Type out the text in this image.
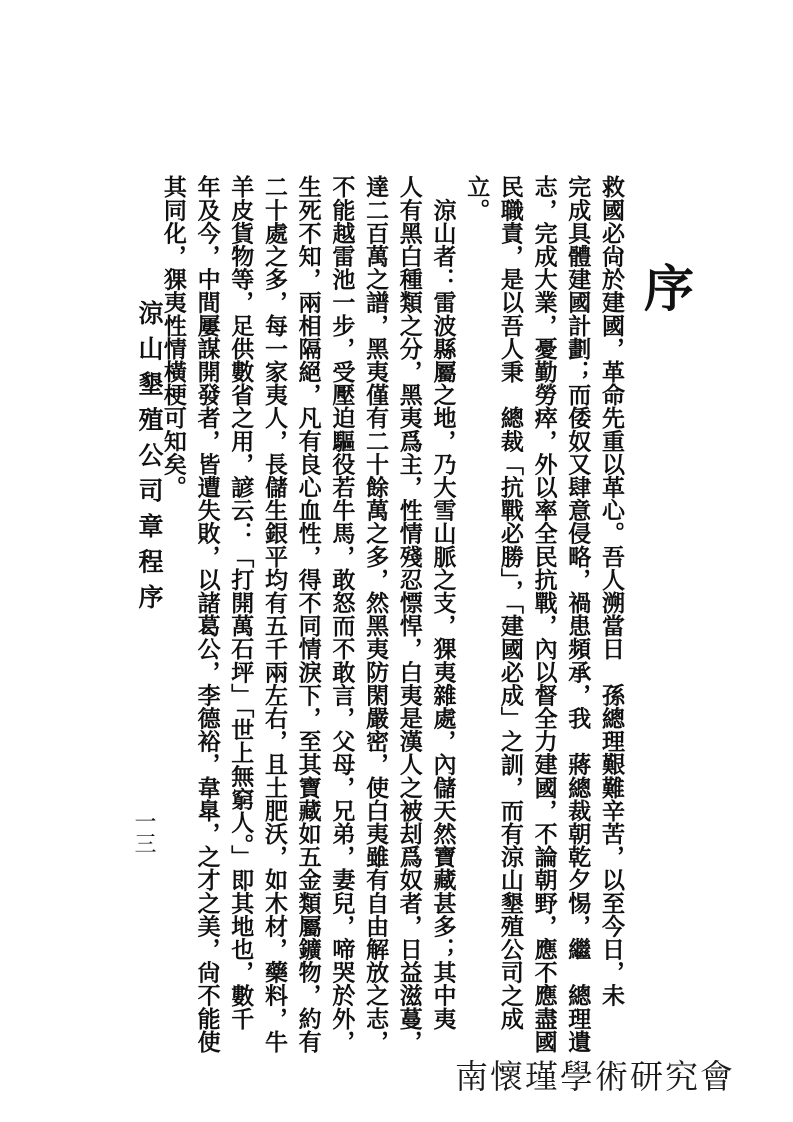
序

救國必尙於建國，革命先重以革心。吾人溯當日　孫總理艱難辛苦，以至今日，未

完成具體建國計劃；而倭奴又肆意侵略，禍患頻承，我　蔣總裁朝乾夕惕，繼　總理遺

志，完成大業，憂勤勞瘁，外以率全民抗戰，內以督全力建國，不論朝野，應不應盡國

民職責，是以吾人秉　總裁「抗戰必勝」，「建國必成」之訓，而有涼山墾殖公司之成

立。

　涼山者：雷波縣屬之地，乃大雪山脈之支，猓夷雜處，內儲天然寶藏甚多；其中夷

人有黑白種類之分，黑夷爲主，性情殘忍慓悍，白夷是漢人之被刦爲奴者，日益滋蔓，

達二百萬之譜，黑夷僅有二十餘萬之多，然黑夷防閑嚴密，使白夷雖有自由解放之志，

不能越雷池一步，受壓迫驅役若牛馬，敢怒而不敢言，父母，兄弟，妻兒，啼哭於外，

生死不知，兩相隔絕，凡有良心血性，得不同情淚下，至其寶藏如五金類屬鑛物，約有

二十處之多，每一家夷人，長儲生銀平均有五千兩左右，且土肥沃，如木材，藥料，牛

羊皮貨物等，足供數省之用，諺云：「打開萬石坪」「世上無窮人。」即其地也，數千

年及今，中間屢謀開發者，皆遭失敗，以諸葛公，李德裕，韋臯，之才之美，尙不能使

其同化，猓夷性情橫梗可知矣。

涼山墾殖公司章程序
一三
南懷瑾學術研究會
